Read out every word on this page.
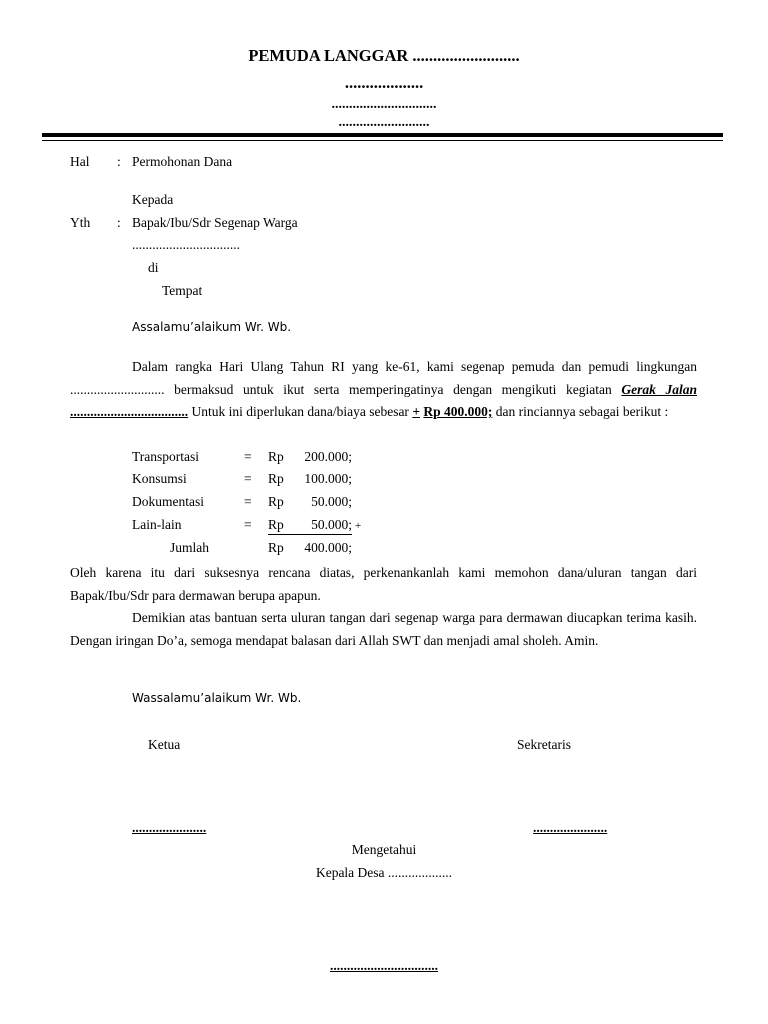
PEMUDA LANGGAR ..........................
...................
..............................
..........................
Hal : Permohonan Dana
Kepada
Yth : Bapak/Ibu/Sdr Segenap Warga
................................
di
Tempat
Assalamu’alaikum Wr. Wb.

Dalam rangka Hari Ulang Tahun RI yang ke-61, kami segenap pemuda dan pemudi lingkungan ............................ bermaksud untuk ikut serta memperingatinya dengan mengikuti kegiatan Gerak Jalan ................................... Untuk ini diperlukan dana/biaya sebesar + Rp 400.000; dan rinciannya sebagai berikut :

Transportasi	= Rp	200.000;
Konsumsi	= Rp	100.000;
Dokumentasi	= Rp	50.000;
Lain-lain	= Rp	50.000; +
Jumlah	Rp	400.000;

Oleh karena itu dari suksesnya rencana diatas, perkenankanlah kami memohon dana/uluran tangan dari Bapak/Ibu/Sdr para dermawan berupa apapun.

Demikian atas bantuan serta uluran tangan dari segenap warga para dermawan diucapkan terima kasih. Dengan iringan Do’a, semoga mendapat balasan dari Allah SWT dan menjadi amal sholeh. Amin.

Wassalamu’alaikum Wr. Wb.
Ketua	Sekretaris
......................	......................
Mengetahui
Kepala Desa ...................
................................
